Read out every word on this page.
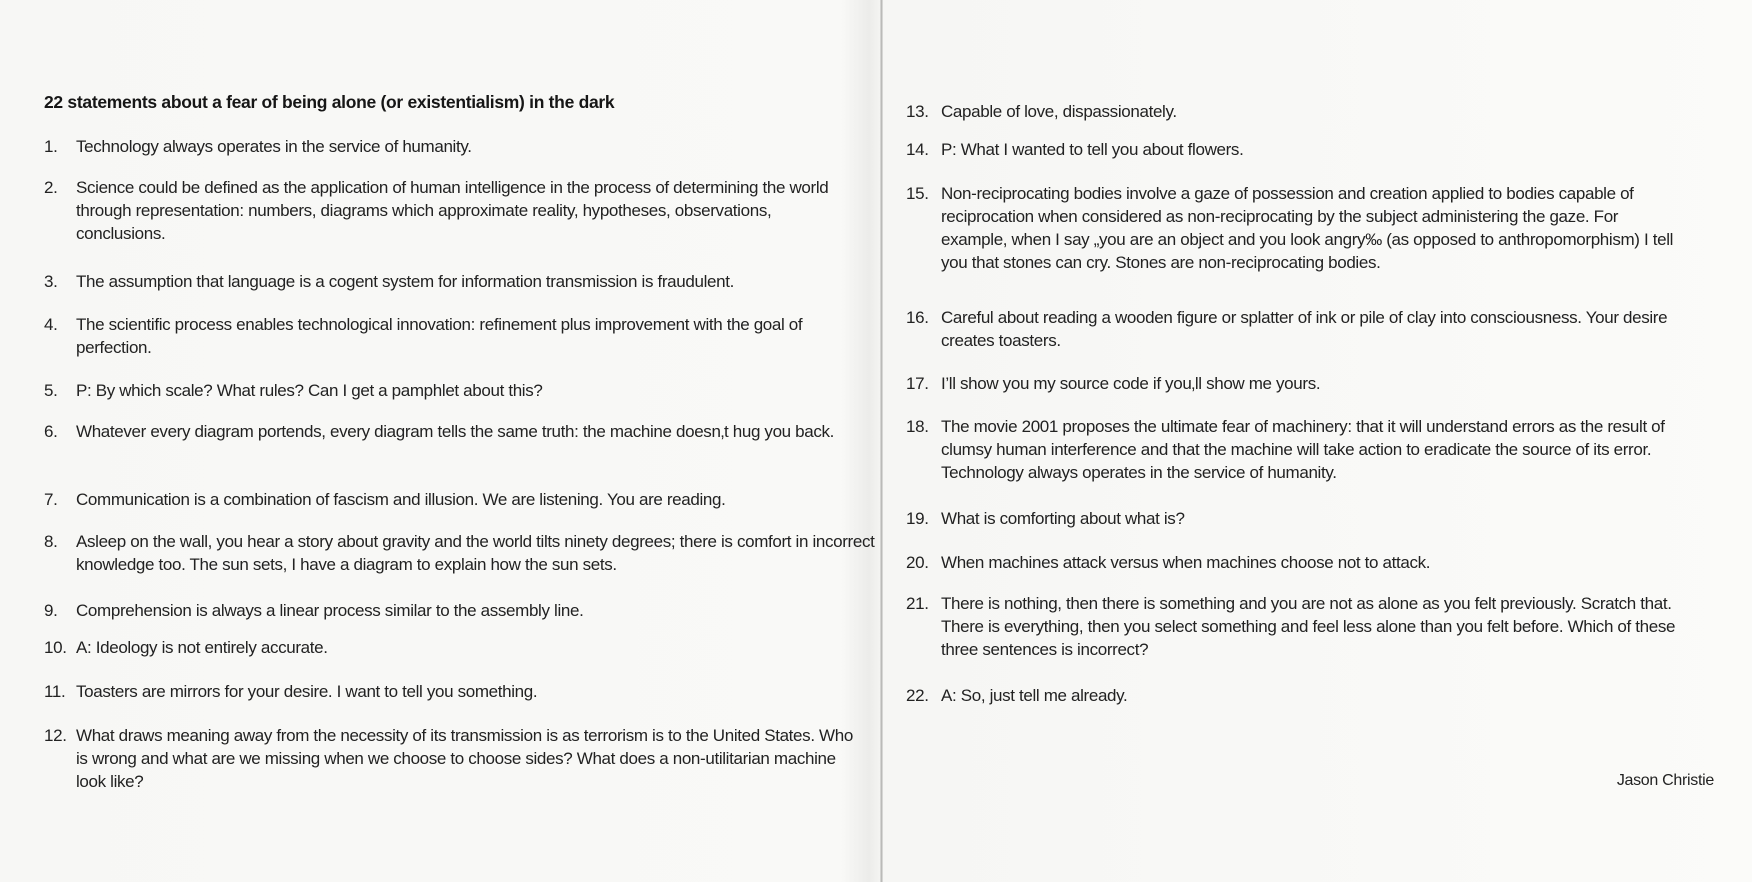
22 statements about a fear of being alone (or existentialism) in the dark
1.	Technology always operates in the service of humanity.
2.	Science could be defined as the application of human intelligence in the process of determining the world through representation: numbers, diagrams which approximate reality, hypotheses, observations, conclusions.
3.	The assumption that language is a cogent system for information transmission is fraudulent.
4.	The scientific process enables technological innovation: refinement plus improvement with the goal of perfection.
5.	P: By which scale? What rules? Can I get a pamphlet about this?
6.	Whatever every diagram portends, every diagram tells the same truth: the machine doesn‚t hug you back.
7.	Communication is a combination of fascism and illusion. We are listening. You are reading.
8.	Asleep on the wall, you hear a story about gravity and the world tilts ninety degrees; there is comfort in incorrect knowledge too. The sun sets, I have a diagram to explain how the sun sets.
9.	Comprehension is always a linear process similar to the assembly line.
10. A: Ideology is not entirely accurate.
11. Toasters are mirrors for your desire. I want to tell you something.
12. What draws meaning away from the necessity of its transmission is as terrorism is to the United States. Who is wrong and what are we missing when we choose to choose sides? What does a non-utilitarian machine look like?
13. Capable of love, dispassionately.
14. P: What I wanted to tell you about flowers.
15. Non-reciprocating bodies involve a gaze of possession and creation applied to bodies capable of reciprocation when considered as non-reciprocating by the subject administering the gaze. For example, when I say „you are an object and you look angry‰ (as opposed to anthropomorphism) I tell you that stones can cry. Stones are non-reciprocating bodies.
16. Careful about reading a wooden figure or splatter of ink or pile of clay into consciousness. Your desire creates toasters.
17. I’ll show you my source code if you‚ll show me yours.
18. The movie 2001 proposes the ultimate fear of machinery: that it will understand errors as the result of clumsy human interference and that the machine will take action to eradicate the source of its error. Technology always operates in the service of humanity.
19. What is comforting about what is?
20. When machines attack versus when machines choose not to attack.
21. There is nothing, then there is something and you are not as alone as you felt previously. Scratch that. There is everything, then you select something and feel less alone than you felt before. Which of these three sentences is incorrect?
22. A: So, just tell me already.
Jason Christie
